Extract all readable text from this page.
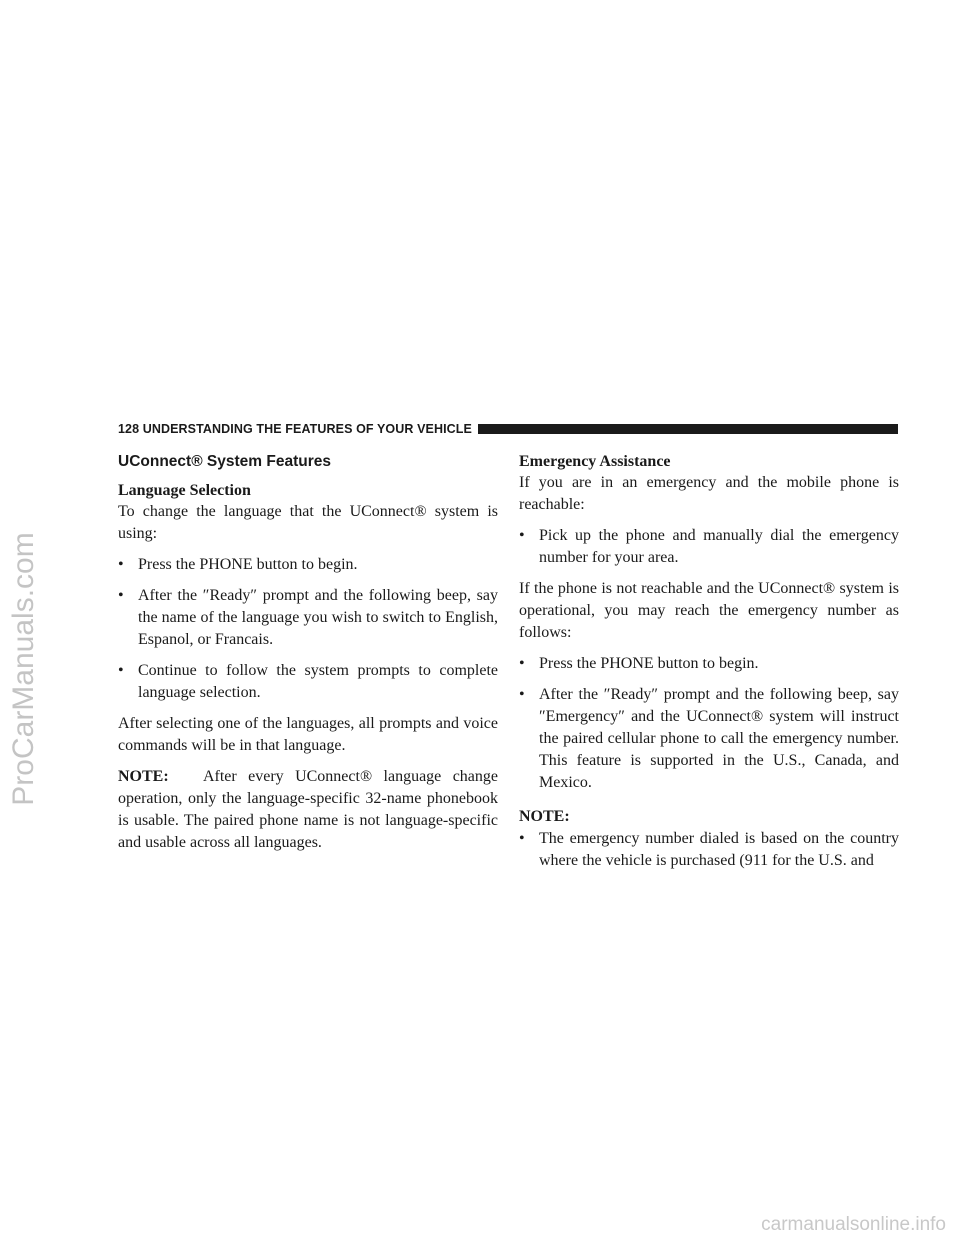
128 UNDERSTANDING THE FEATURES OF YOUR VEHICLE
UConnect® System Features
Language Selection

To change the language that the UConnect® system is using:

• Press the PHONE button to begin.
• After the ″Ready″ prompt and the following beep, say the name of the language you wish to switch to English, Espanol, or Francais.
• Continue to follow the system prompts to complete language selection.

After selecting one of the languages, all prompts and voice commands will be in that language.

NOTE: After every UConnect® language change operation, only the language-specific 32-name phonebook is usable. The paired phone name is not language-specific and usable across all languages.

Emergency Assistance

If you are in an emergency and the mobile phone is reachable:

• Pick up the phone and manually dial the emergency number for your area.

If the phone is not reachable and the UConnect® system is operational, you may reach the emergency number as follows:

• Press the PHONE button to begin.
• After the ″Ready″ prompt and the following beep, say ″Emergency″ and the UConnect® system will instruct the paired cellular phone to call the emergency number. This feature is supported in the U.S., Canada, and Mexico.
NOTE:
• The emergency number dialed is based on the country where the vehicle is purchased (911 for the U.S. and
ProCarManuals.com
carmanualsonline.info
